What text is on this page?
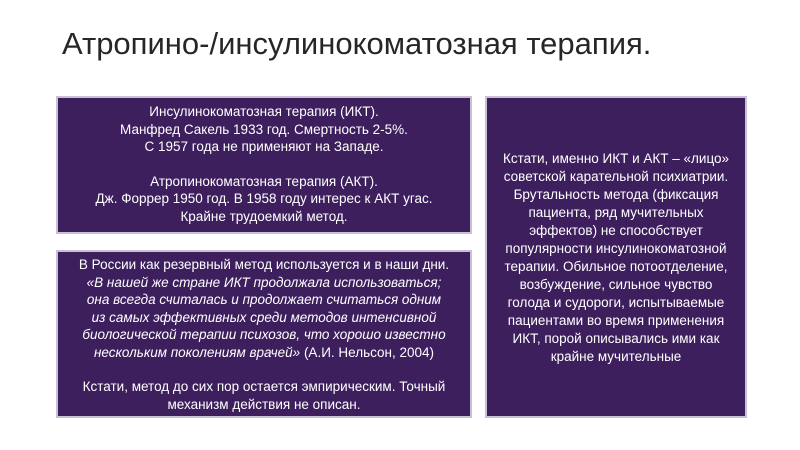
Атропино-/инсулинокоматозная терапия.
Инсулинокоматозная терапия (ИКТ).
Манфред Сакель 1933 год. Смертность 2-5%.
С 1957 года не применяют на Западе.
Атропинокоматозная терапия (АКТ).
Дж. Форрер 1950 год. В 1958 году интерес к АКТ угас.
Крайне трудоемкий метод.
В России как резервный метод используется и в наши дни.
«В нашей же стране ИКТ продолжала использоваться;
она всегда считалась и продолжает считаться одним
из самых эффективных среди методов интенсивной
биологической терапии психозов, что хорошо известно
нескольким поколениям врачей» (А.И. Нельсон, 2004)
Кстати, метод до сих пор остается эмпирическим. Точный
механизм действия не описан.
Кстати, именно ИКТ и АКТ – «лицо»
советской карательной психиатрии.
Брутальность метода (фиксация
пациента, ряд мучительных
эффектов) не способствует
популярности инсулинокоматозной
терапии. Обильное потоотделение,
возбуждение, сильное чувство
голода и судороги, испытываемые
пациентами во время применения
ИКТ, порой описывались ими как
крайне мучительные
